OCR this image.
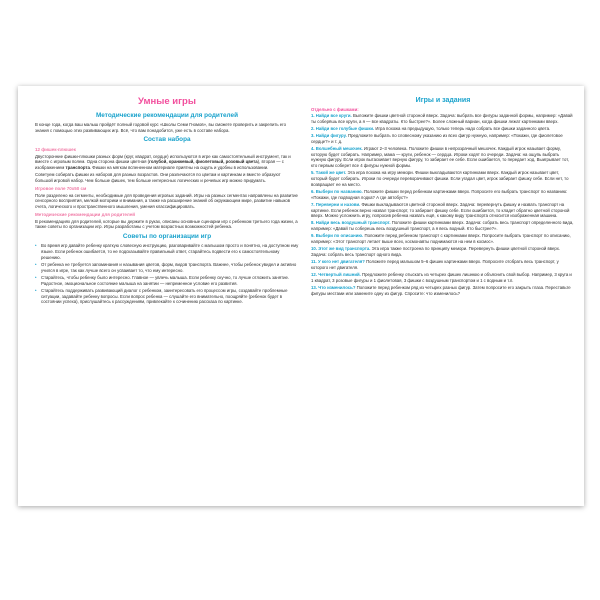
Умные игры
Методические рекомендации для родителей

В конце года, когда ваш малыш пройдёт полный годовой курс «Школы Семи Гномов», вы сможете проверить и закрепить его знания с помощью этих развивающих игр. Всё, что вам понадобится, уже есть в составе набора.

Состав набора
12 фишек-плюшек

Двусторонние фишки-плюшки разных форм (круг, квадрат, сердце) используются в игре как самостоятельный инструмент, так и вместе с игровым полем. Одна сторона фишки цветная (голубой, оранжевый, фиолетовый, розовый цвета), вторая — с изображением транспорта. Фишки на мягком вспененном материале приятны на ощупь и удобны в использовании.

Советуем собирать фишки из наборов для разных возрастов. Они различаются по цветам и картинкам и вместе образуют большой игровой набор. Чем больше фишек, тем больше интересных логических и речевых игр можно придумать.

Игровое поле 70х50 см

Поле разделено на сегменты, необходимые для проведения игровых заданий. Игры на разных сегментах направлены на развитие сенсорного восприятия, мелкой моторики и внимания, а также на расширение знаний об окружающем мире, развитие навыков счета, логического и пространственного мышления, умения классифицировать.

Методические рекомендации для родителей

В рекомендациях для родителей, которые вы держите в руках, описаны основные сценарии игр с ребенком третьего года жизни, а также советы по организации игр. Игры разработаны с учетом возрастных возможностей ребенка.

Советы по организации игр
• Во время игр давайте ребенку краткую словесную инструкцию, разговаривайте с малышом просто и понятно, на доступном ему языке. Если ребенок ошибается, то не подсказывайте правильный ответ, старайтесь подвести его к самостоятельному решению.
• От ребенка не требуется запоминания и называния цветов, форм, видов транспорта. Важнее, чтобы ребенок увидел и активно учился в игре, так как лучше всего он усваивает то, что ему интересно.
• Старайтесь, чтобы ребенку было интересно. Главное — увлечь малыша. Если ребенку скучно, то лучше отложить занятие. Радостное, эмоциональное состояние малыша на занятии — непременное условие его развития.
• Старайтесь поддерживать развивающий диалог с ребенком, заинтересовать его процессом игры, создавайте проблемные ситуации, задавайте ребенку вопросы. Если вопрос ребенка — слушайте его внимательно, поощряйте (ребенок будет в состоянии успеха), прислушайтесь к рассуждениям, привлекайте к сочинению рассказа по картинке.
Игры и задания
Отдельно с фишками:

1. Найди все круги. Выложите фишки цветной стороной вверх. Задача: выбрать все фигуры заданной формы, например: «Давай ты соберёшь все круги, а я — все квадраты. Кто быстрее?». Более сложный вариан, когда фишки лежат картинками вверх.

2. Найди все голубые фишки. Игра похожа на предыдущую, только теперь надо собрать все фишки заданного цвета.

3. Найди фигуру. Предложите выбрать по словесному указанию из всех фигур нужную, например: «Покажи, где фиолетовое сердце?» и т. д.

4. Волшебный мешочек. Играют 2–3 человека. Положите фишки в непрозрачный мешочек. Каждый игрок называет форму, которую будет собирать. Например, мама — круги, ребенок — сердца. Игроки ходят по очереди. Задача: на ощупь выбрать нужную фигуру. Если игрок вытаскивает верную фигуру, то забирает ее себе. Если ошибается, то передает ход. Выигрывает тот, кто первым соберет все 4 фигуры нужной формы.

5. Такой же цвет. Эта игра похожа на игру мемори. Фишки выкладываются картинками вверх. Каждый игрок называет цвет, который будет собирать. Игроки по очереди переворачивают фишки. Если угадал цвет, игрок забирает фишку себе. Если нет, то возвращает ее на место.

6. Выбери по названию. Положите фишки перед ребенком картинками вверх. Попросите его выбрать транспорт по названию: «Покажи, где подводная лодка? А где автобус?»

7. Переверни и назови. Фишки выкладываются цветной стороной вверх. Задача: перевернуть фишку и назвать транспорт на картинке. Если ребенок верно назвал транспорт, то забирает фишку себе. Если ошибается, то кладет обратно цветной стороной вверх. Можно усложнить игру, попросив ребенка назвать ещё, к какому виду транспорта относится изображенная машина.

8. Найди весь воздушный транспорт. Положите фишки картинками вверх. Задача: собрать весь транспорт определенного вида, например: «Давай ты соберешь весь воздушный транспорт, а я весь водный. Кто быстрее?».

9. Выбери по описанию. Положите перед ребенком транспорт с картинками вверх. Попросите выбрать транспорт по описанию, например: «Этот транспорт летает выше всех, космонавты поднимаются на нем в космос».

10. Этот же вид транспорта. Эта игра также построена по принципу мемори. Перевернуть фишки цветной стороной вверх. Задача: собрать весь транспорт одного вида.

11. У кого нет двигателя? Положите перед малышом 5–6 фишек картинками вверх. Попросите отобрать весь транспорт, у которого нет двигателя.

12. Четвертый лишний. Предложите ребенку отыскать из четырех фишек лишнюю и объяснить свой выбор. Например, 3 круга и 1 квадрат, 3 розовые фигуры и 1 фиолетовая, 3 фишки с воздушным транспортом и 1 с водным и т.п.

13. Что изменилось? Положите перед ребенком ряд из четырех разных фигур. Затем попросите его закрыть глаза. Переставьте фигуры местами или замените одну из фигур. Спросите: что изменилось?
